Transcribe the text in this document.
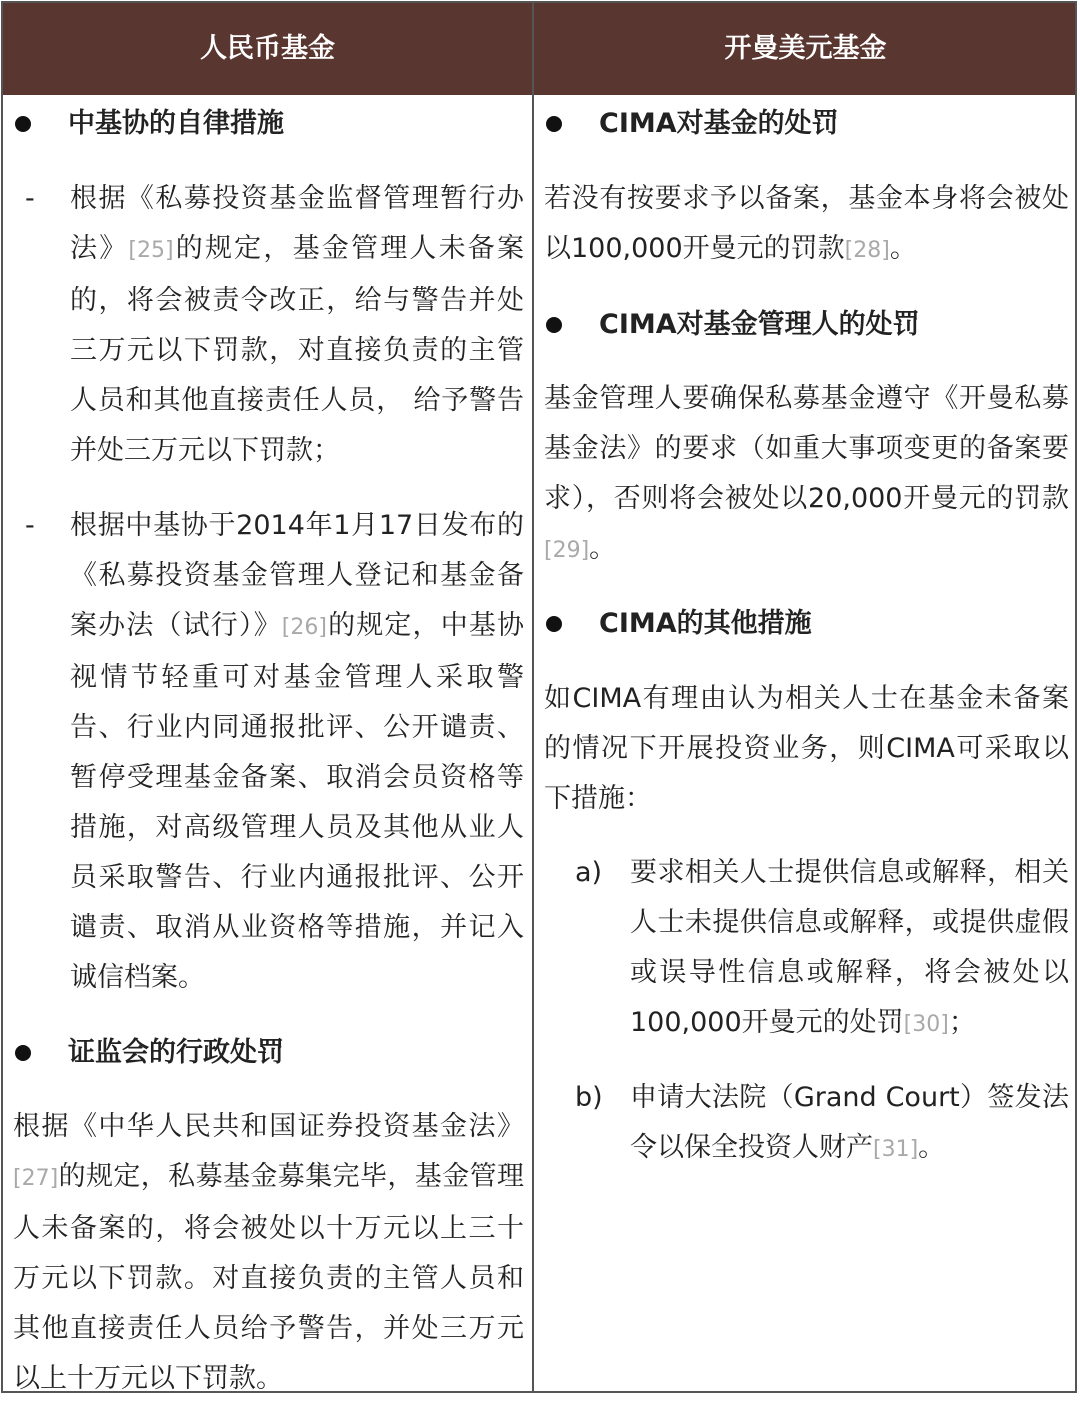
人民币基金	开曼美元基金
中基协的自律措施
- 根据《私募投资基金监督管理暂行办法》[25]的规定，基金管理人未备案的，将会被责令改正，给与警告并处三万元以下罚款，对直接负责的主管人员和其他直接责任人员， 给予警告并处三万元以下罚款；

- 根据中基协于2014年1月17日发布的《私募投资基金管理人登记和基金备案办法（试行）》[26]的规定，中基协视情节轻重可对基金管理人采取警告、行业内同通报批评、公开谴责、暂停受理基金备案、取消会员资格等措施，对高级管理人员及其他从业人员采取警告、行业内通报批评、公开谴责、取消从业资格等措施，并记入诚信档案。

证监会的行政处罚

根据《中华人民共和国证券投资基金法》[27]的规定，私募基金募集完毕，基金管理人未备案的，将会被处以十万元以上三十万元以下罚款。对直接负责的主管人员和其他直接责任人员给予警告，并处三万元以上十万元以下罚款。

CIMA对基金的处罚

若没有按要求予以备案，基金本身将会被处以100,000开曼元的罚款[28]。

CIMA对基金管理人的处罚

基金管理人要确保私募基金遵守《开曼私募基金法》的要求（如重大事项变更的备案要求），否则将会被处以20,000开曼元的罚款[29]。

CIMA的其他措施

如CIMA有理由认为相关人士在基金未备案的情况下开展投资业务，则CIMA可采取以下措施：

a) 要求相关人士提供信息或解释，相关人士未提供信息或解释，或提供虚假或误导性信息或解释，将会被处以100,000开曼元的处罚[30]；

b) 申请大法院（Grand Court）签发法令以保全投资人财产[31]。
